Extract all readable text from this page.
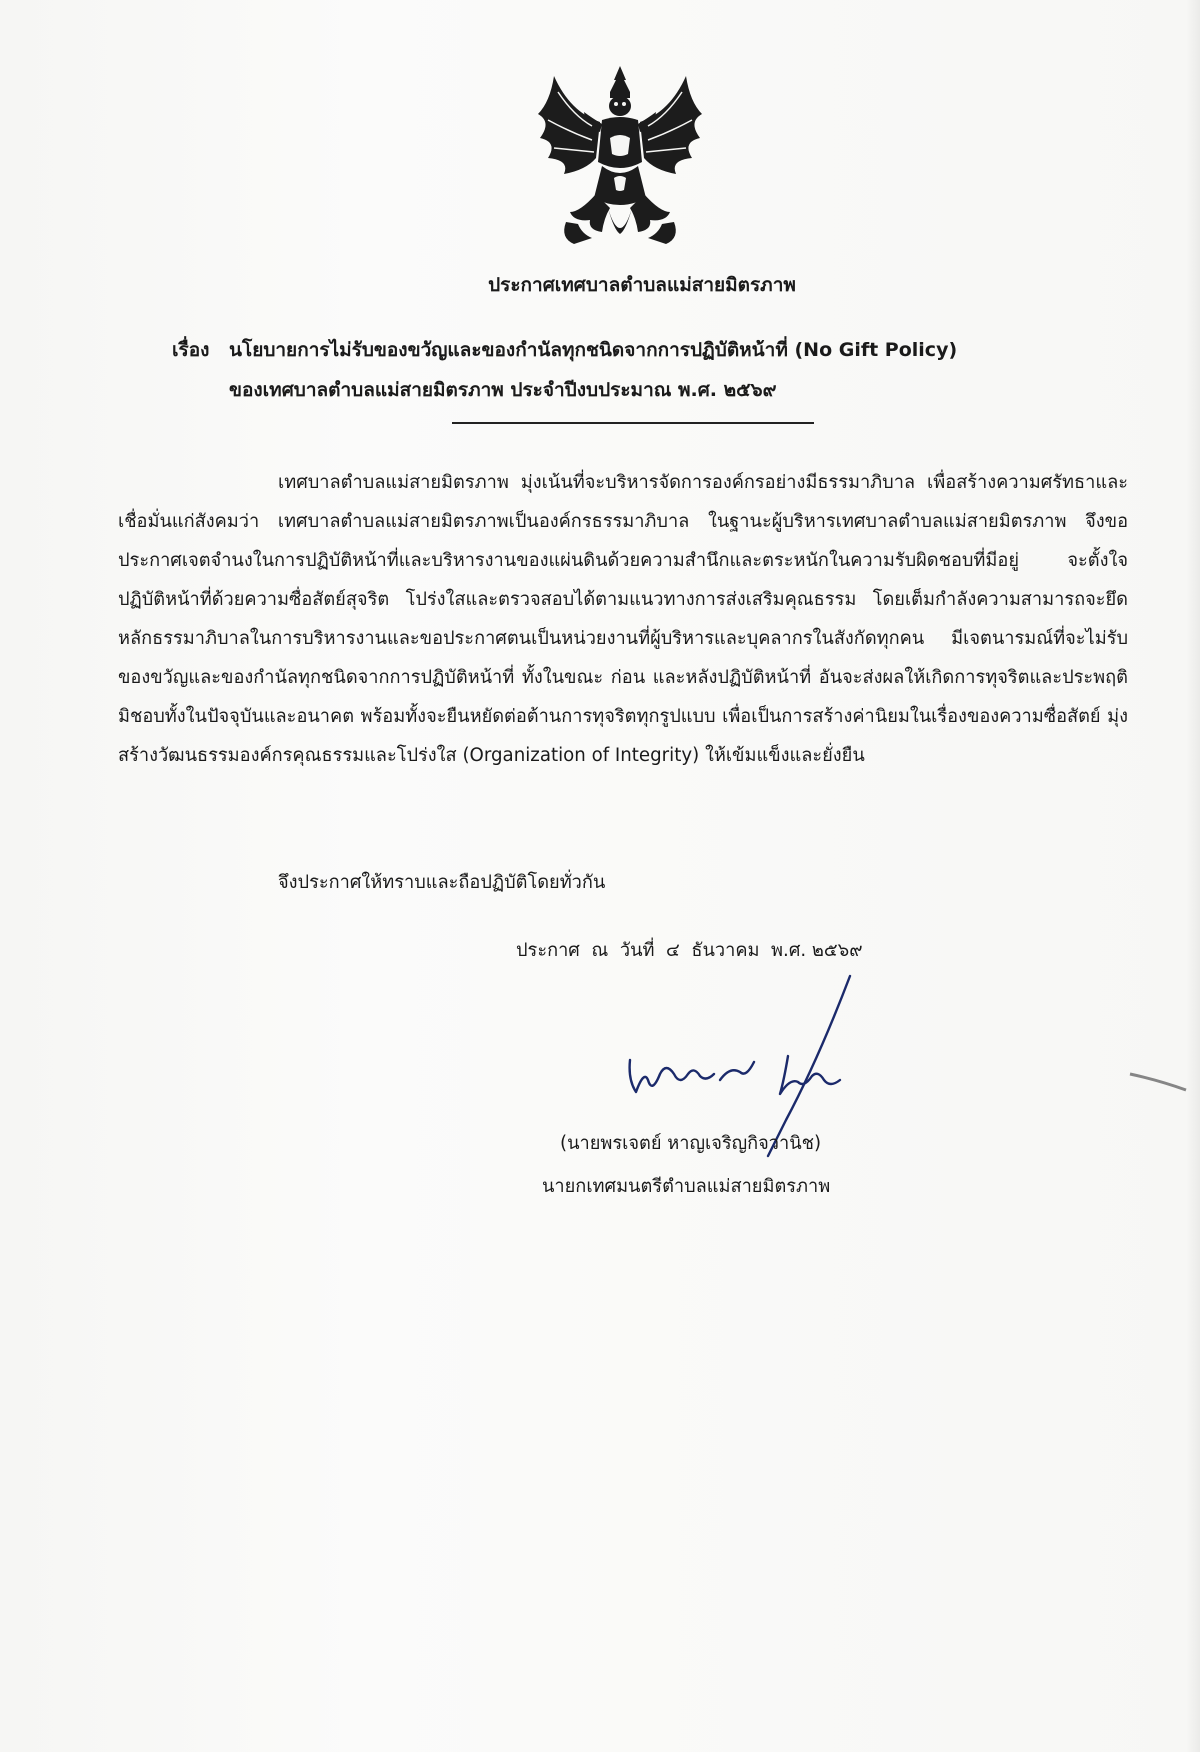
ประกาศเทศบาลตำบลแม่สายมิตรภาพ
เรื่อง นโยบายการไม่รับของขวัญและของกำนัลทุกชนิดจากการปฏิบัติหน้าที่ (No Gift Policy)
ของเทศบาลตำบลแม่สายมิตรภาพ ประจำปีงบประมาณ พ.ศ. ๒๕๖๙

เทศบาลตำบลแม่สายมิตรภาพ มุ่งเน้นที่จะบริหารจัดการองค์กรอย่างมีธรรมาภิบาล เพื่อสร้างความศรัทธาและเชื่อมั่นแก่สังคมว่า เทศบาลตำบลแม่สายมิตรภาพเป็นองค์กรธรรมาภิบาล ในฐานะผู้บริหารเทศบาลตำบลแม่สายมิตรภาพ จึงขอประกาศเจตจำนงในการปฏิบัติหน้าที่และบริหารงานของแผ่นดินด้วยความสำนึกและตระหนักในความรับผิดชอบที่มีอยู่ จะตั้งใจปฏิบัติหน้าที่ด้วยความซื่อสัตย์สุจริต โปร่งใสและตรวจสอบได้ตามแนวทางการส่งเสริมคุณธรรม โดยเต็มกำลังความสามารถจะยึดหลักธรรมาภิบาลในการบริหารงานและขอประกาศตนเป็นหน่วยงานที่ผู้บริหารและบุคลากรในสังกัดทุกคน มีเจตนารมณ์ที่จะไม่รับของขวัญและของกำนัลทุกชนิดจากการปฏิบัติหน้าที่ ทั้งในขณะ ก่อน และหลังปฏิบัติหน้าที่ อันจะส่งผลให้เกิดการทุจริตและประพฤติมิชอบทั้งในปัจจุบันและอนาคต พร้อมทั้งจะยืนหยัดต่อต้านการทุจริตทุกรูปแบบ เพื่อเป็นการสร้างค่านิยมในเรื่องของความซื่อสัตย์ มุ่งสร้างวัฒนธรรมองค์กรคุณธรรมและโปร่งใส (Organization of Integrity) ให้เข้มแข็งและยั่งยืน

จึงประกาศให้ทราบและถือปฏิบัติโดยทั่วกัน
ประกาศ  ณ  วันที่  ๔  ธันวาคม  พ.ศ. ๒๕๖๙
(นายพรเจตย์ หาญเจริญกิจวานิช)
นายกเทศมนตรีตำบลแม่สายมิตรภาพ
